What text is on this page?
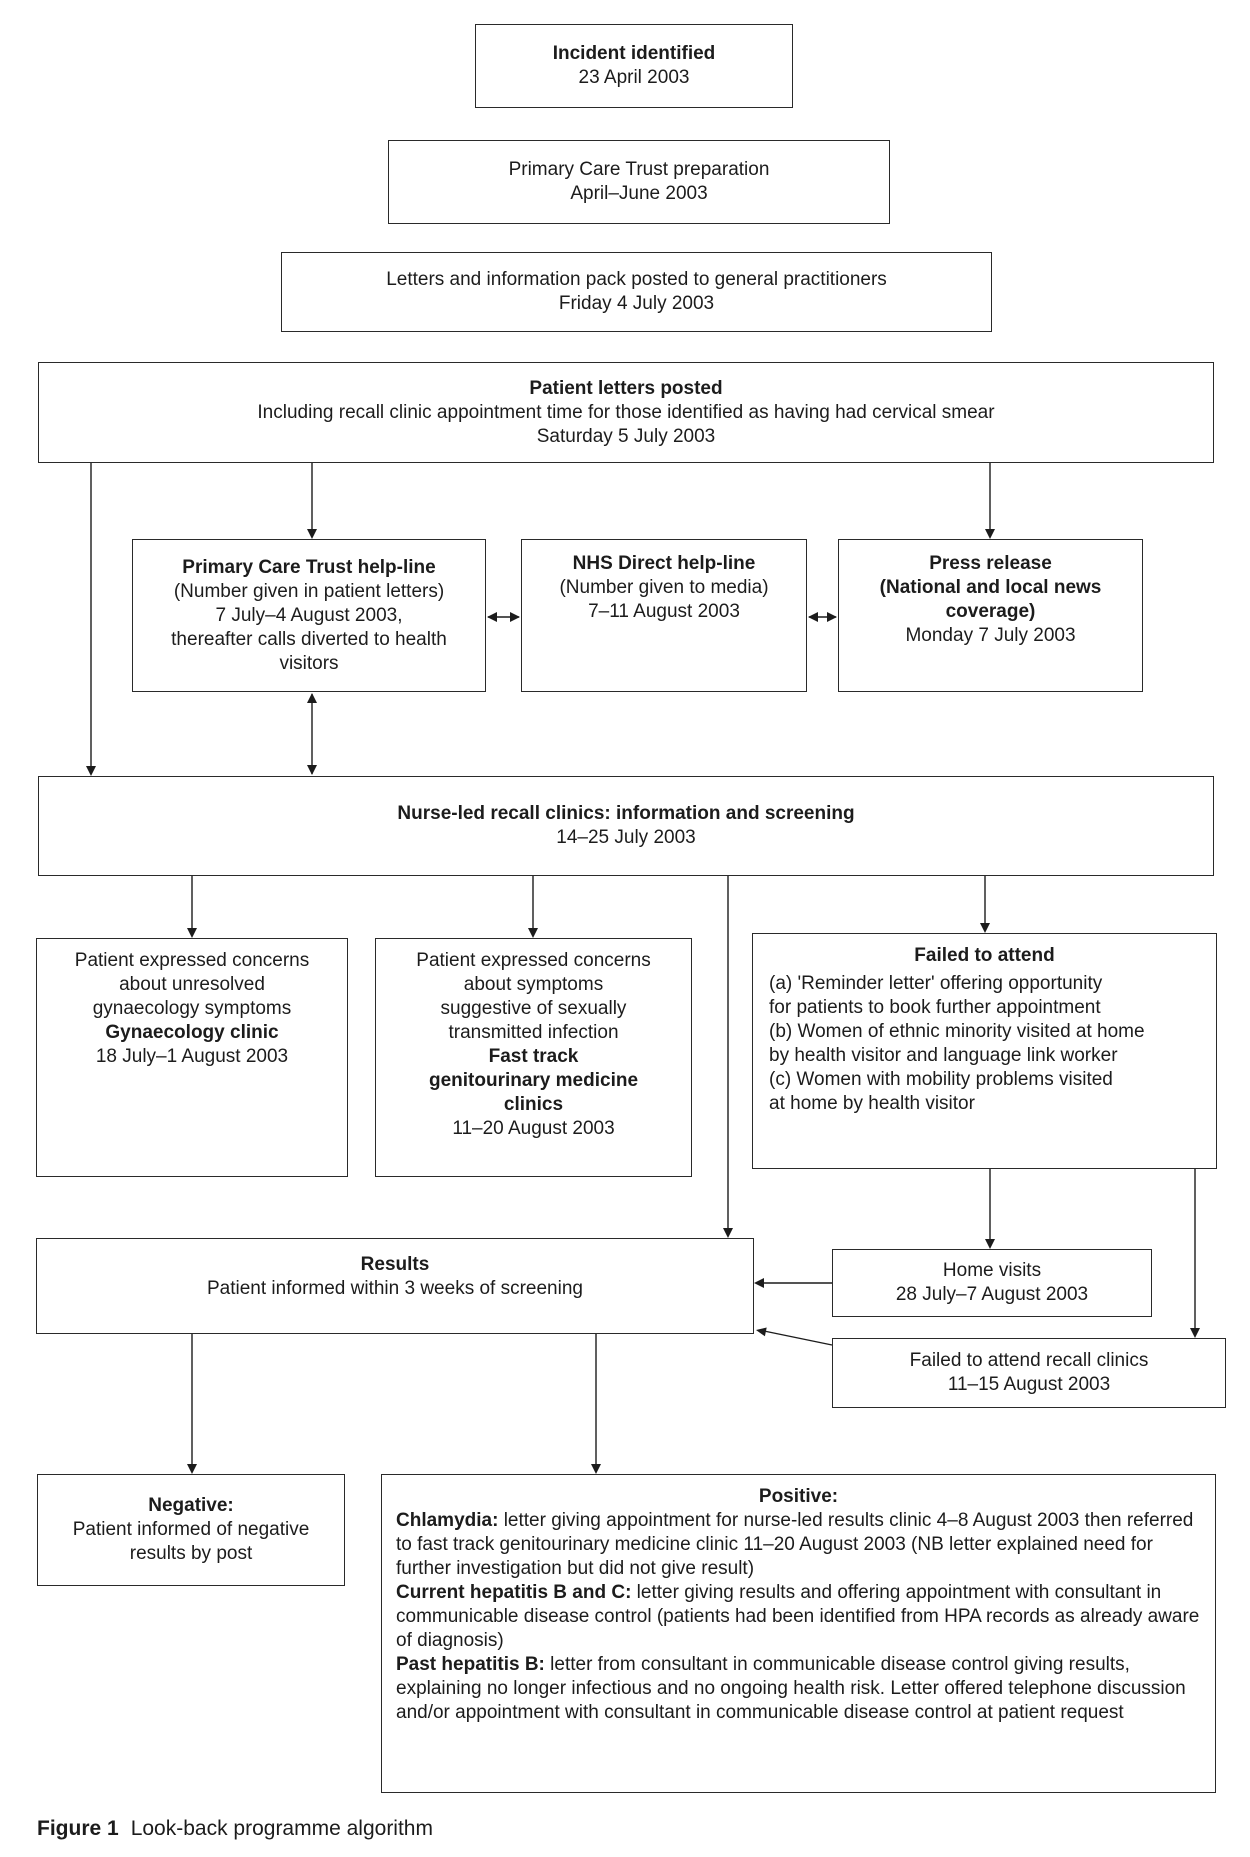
Incident identified
23 April 2003
Primary Care Trust preparation
April–June 2003
Letters and information pack posted to general practitioners
Friday 4 July 2003
Patient letters posted
Including recall clinic appointment time for those identified as having had cervical smear
Saturday 5 July 2003
Primary Care Trust help-line
(Number given in patient letters)
7 July–4 August 2003,
thereafter calls diverted to health
visitors
NHS Direct help-line
(Number given to media)
7–11 August 2003
Press release
(National and local news
coverage)
Monday 7 July 2003
Nurse-led recall clinics: information and screening
14–25 July 2003
Patient expressed concerns
about unresolved
gynaecology symptoms
Gynaecology clinic
18 July–1 August 2003
Patient expressed concerns
about symptoms
suggestive of sexually
transmitted infection
Fast track
genitourinary medicine
clinics
11–20 August 2003
Failed to attend
(a) 'Reminder letter' offering opportunity
for patients to book further appointment
(b) Women of ethnic minority visited at home
by health visitor and language link worker
(c) Women with mobility problems visited
at home by health visitor
Results
Patient informed within 3 weeks of screening
Home visits
28 July–7 August 2003
Failed to attend recall clinics
11–15 August 2003
Negative:
Patient informed of negative results by post
Positive:
Chlamydia: letter giving appointment for nurse-led results clinic 4–8 August 2003 then referred to fast track genitourinary medicine clinic 11–20 August 2003 (NB letter explained need for further investigation but did not give result)
Current hepatitis B and C: letter giving results and offering appointment with consultant in communicable disease control (patients had been identified from HPA records as already aware of diagnosis)
Past hepatitis B: letter from consultant in communicable disease control giving results, explaining no longer infectious and no ongoing health risk. Letter offered telephone discussion and/or appointment with consultant in communicable disease control at patient request
Figure 1 Look-back programme algorithm
